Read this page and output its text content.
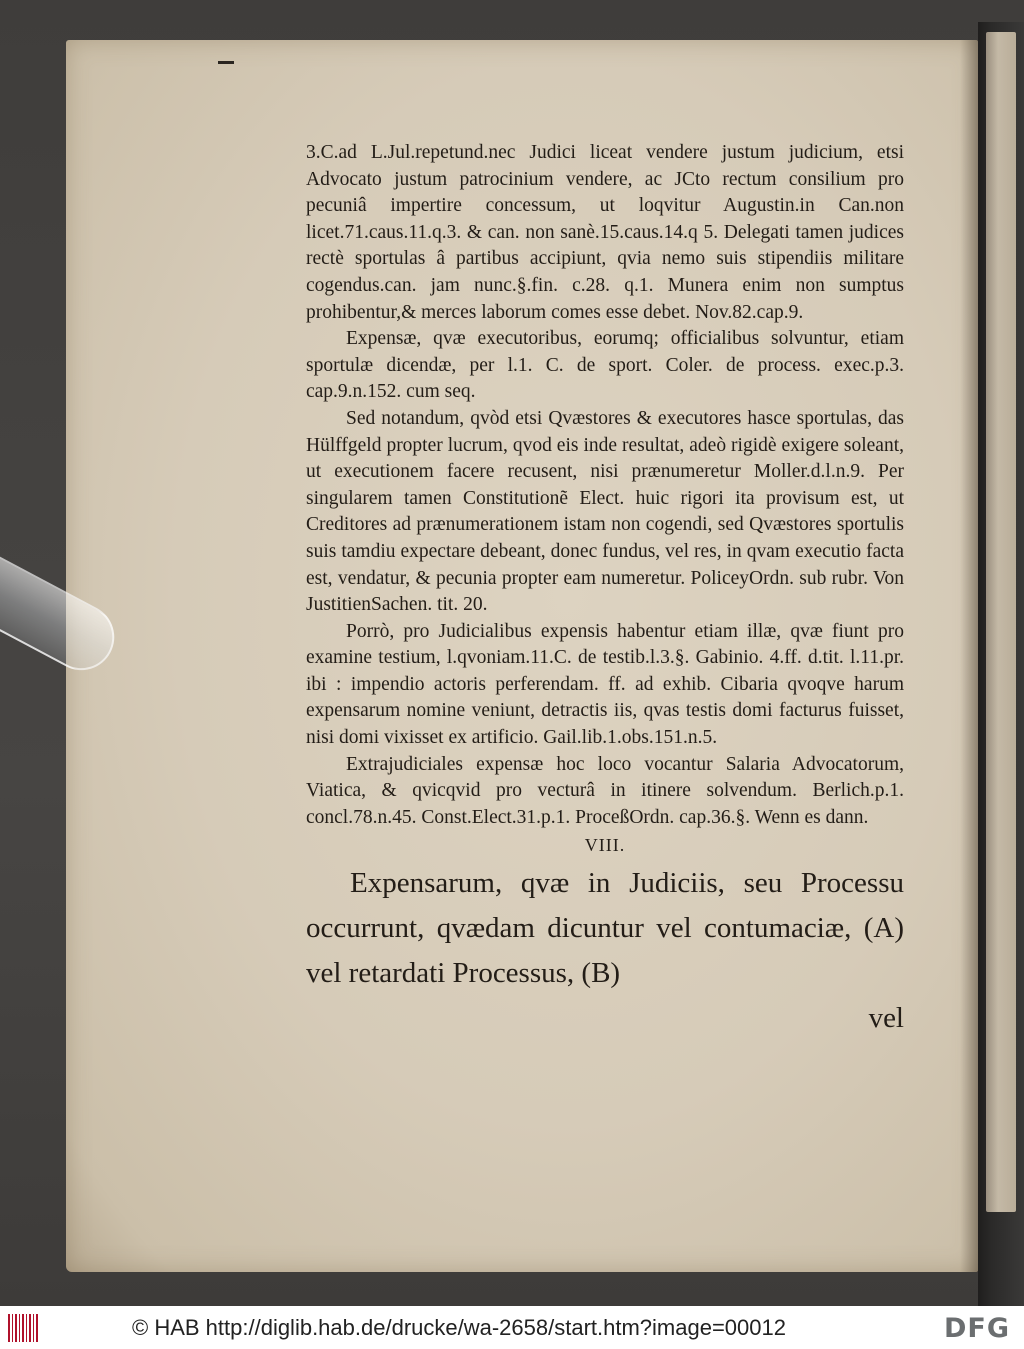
3.C.ad L.Jul.repetund.nec Judici liceat vendere justum judicium, etsi Advocato justum patrocinium vendere, ac JCto rectum consilium pro pecuniâ impertire concessum, ut loqvitur Augustin.in Can.non licet.71.caus.11.q.3. & can. non sanè.15.caus.14.q 5. Delegati tamen judices rectè sportulas â partibus accipiunt, qvia nemo suis stipendiis militare cogendus.can. jam nunc.§.fin. c.28. q.1. Munera enim non sumptus prohibentur,& merces laborum comes esse debet. Nov.82.cap.9.

Expensæ, qvæ executoribus, eorumq; officialibus solvuntur, etiam sportulæ dicendæ, per l.1. C. de sport. Coler. de process. exec.p.3. cap.9.n.152. cum seq.

Sed notandum, qvòd etsi Qvæstores & executores hasce sportulas, das Hülffgeld propter lucrum, qvod eis inde resultat, adeò rigidè exigere soleant, ut executionem facere recusent, nisi prænumeretur Moller.d.l.n.9. Per singularem tamen Constitutionẽ Elect. huic rigori ita provisum est, ut Creditores ad prænumerationem istam non cogendi, sed Qvæstores sportulis suis tamdiu expectare debeant, donec fundus, vel res, in qvam executio facta est, vendatur, & pecunia propter eam numeretur. PoliceyOrdn. sub rubr. Von JustitienSachen. tit. 20.

Porrò, pro Judicialibus expensis habentur etiam illæ, qvæ fiunt pro examine testium, l.qvoniam.11.C. de testib.l.3.§. Gabinio. 4.ff. d.tit. l.11.pr. ibi : impendio actoris perferendam. ff. ad exhib. Cibaria qvoqve harum expensarum nomine veniunt, detractis iis, qvas testis domi facturus fuisset, nisi domi vixisset ex artificio. Gail.lib.1.obs.151.n.5.

Extrajudiciales expensæ hoc loco vocantur Salaria Advocatorum, Viatica, & qvicqvid pro vecturâ in itinere solvendum. Berlich.p.1. concl.78.n.45. Const.Elect.31.p.1. ProceßOrdn. cap.36.§. Wenn es dann.

VIII.

Expensarum, qvæ in Judiciis, seu Processu occurrunt, qvædam dicuntur vel contumaciæ, (A) vel retardati Processus, (B)
vel

© HAB http://diglib.hab.de/drucke/wa-2658/start.htm?image=00012	DFG
